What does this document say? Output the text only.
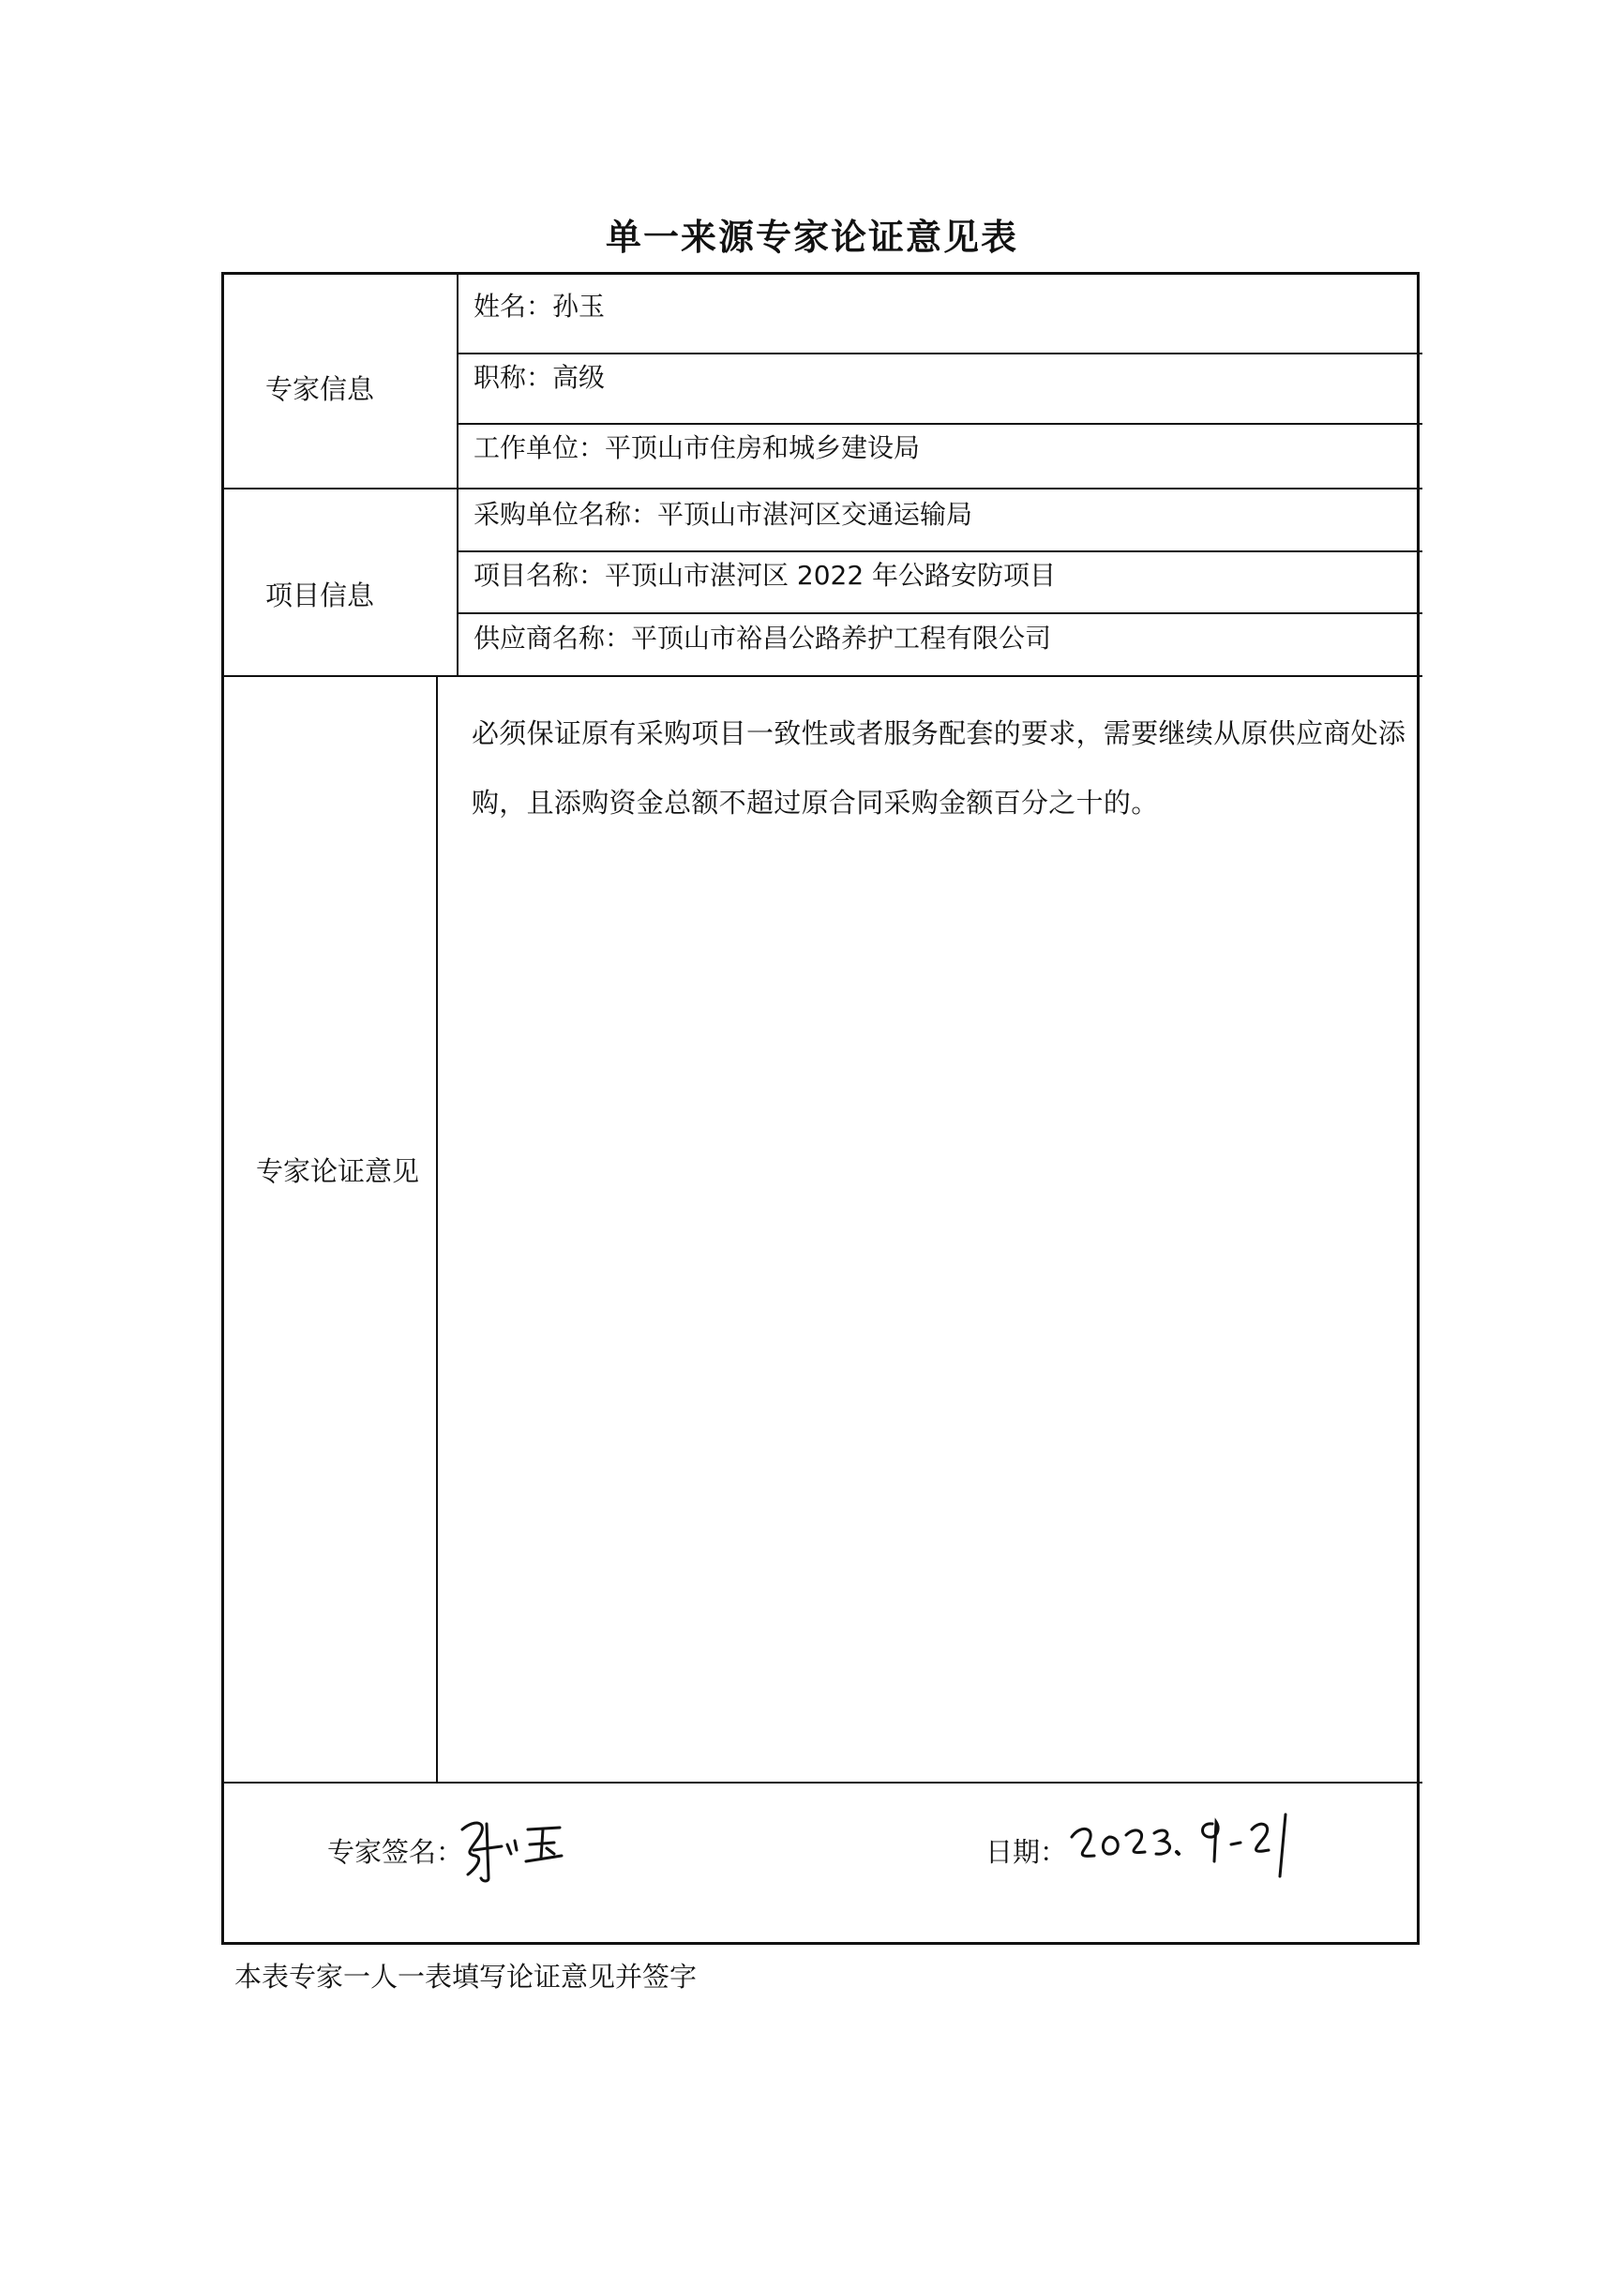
单一来源专家论证意见表
专家信息
项目信息
专家论证意见
姓名：孙玉
职称：高级
工作单位：平顶山市住房和城乡建设局
采购单位名称：平顶山市湛河区交通运输局
项目名称：平顶山市湛河区 2022 年公路安防项目
供应商名称：平顶山市裕昌公路养护工程有限公司
必须保证原有采购项目一致性或者服务配套的要求，需要继续从原供应商处添购，且添购资金总额不超过原合同采购金额百分之十的。
专家签名：	日期：
本表专家一人一表填写论证意见并签字
